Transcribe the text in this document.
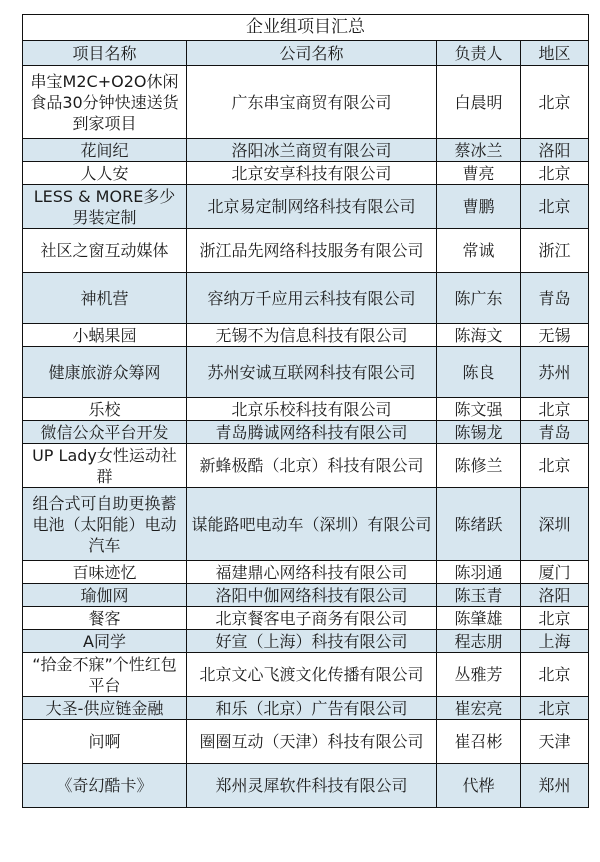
企业组项目汇总			
项目名称	公司名称	负责人	地区
串宝M2C+O2O休闲食品30分钟快速送货到家项目	广东串宝商贸有限公司	白晨明	北京
花间纪	洛阳冰兰商贸有限公司	蔡冰兰	洛阳
人人安	北京安享科技有限公司	曹亮	北京
LESS & MORE多少男装定制	北京易定制网络科技有限公司	曹鹏	北京
社区之窗互动媒体	浙江品先网络科技服务有限公司	常诚	浙江
神机营	容纳万千应用云科技有限公司	陈广东	青岛
小蜗果园	无锡不为信息科技有限公司	陈海文	无锡
健康旅游众筹网	苏州安诚互联网科技有限公司	陈良	苏州
乐校	北京乐校科技有限公司	陈文强	北京
微信公众平台开发	青岛腾诚网络科技有限公司	陈锡龙	青岛
UP Lady女性运动社群	新蜂极酷（北京）科技有限公司	陈修兰	北京
组合式可自助更换蓄电池（太阳能）电动汽车	谋能路吧电动车（深圳）有限公司	陈绪跃	深圳
百味迹忆	福建鼎心网络科技有限公司	陈羽通	厦门
瑜伽网	洛阳中伽网络科技有限公司	陈玉青	洛阳
餐客	北京餐客电子商务有限公司	陈肇雄	北京
A同学	好宣（上海）科技有限公司	程志朋	上海
“拾金不寐”个性红包平台	北京文心飞渡文化传播有限公司	丛雅芳	北京
大圣-供应链金融	和乐（北京）广告有限公司	崔宏亮	北京
问啊	圈圈互动（天津）科技有限公司	崔召彬	天津
《奇幻酷卡》	郑州灵犀软件科技有限公司	代桦	郑州
